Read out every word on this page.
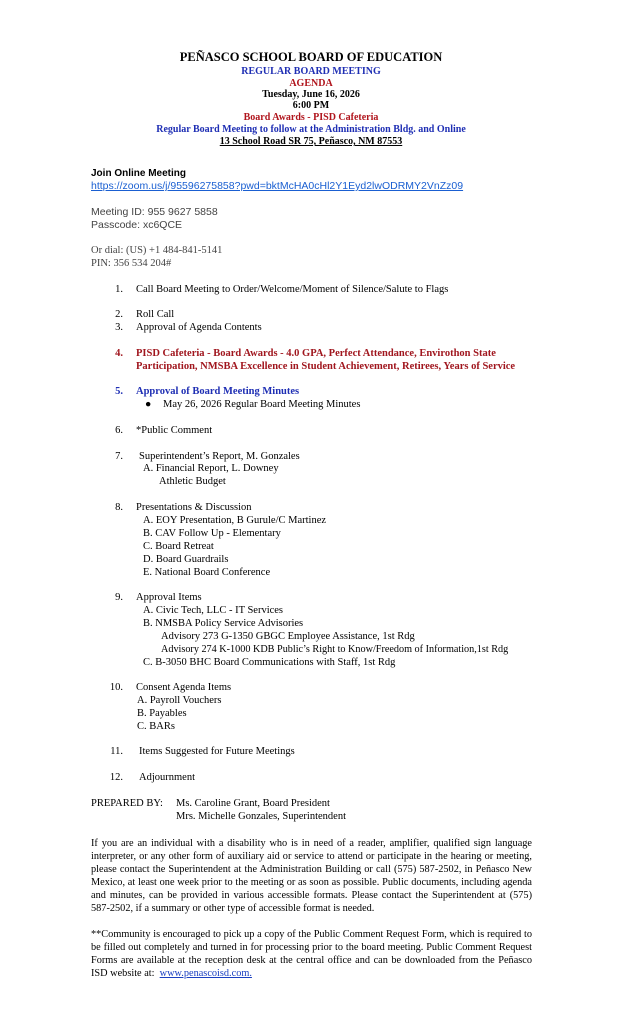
PEÑASCO SCHOOL BOARD OF EDUCATION
REGULAR BOARD MEETING
AGENDA
Tuesday, June 16, 2026
6:00 PM
Board Awards - PISD Cafeteria
Regular Board Meeting to follow at the Administration Bldg. and Online
13 School Road SR 75, Peñasco, NM 87553
Join Online Meeting
https://zoom.us/j/95596275858?pwd=bktMcHA0cHl2Y1Eyd2lwODRMY2VnZz09
Meeting ID: 955 9627 5858
Passcode: xc6QCE
Or dial: (US) +1 484-841-5141
PIN: 356 534 204#
1. Call Board Meeting to Order/Welcome/Moment of Silence/Salute to Flags
2. Roll Call
3. Approval of Agenda Contents
4. PISD Cafeteria - Board Awards - 4.0 GPA, Perfect Attendance, Envirothon State
Participation, NMSBA Excellence in Student Achievement, Retirees, Years of Service
5. Approval of Board Meeting Minutes
● May 26, 2026 Regular Board Meeting Minutes
6. *Public Comment
7. Superintendent’s Report, M. Gonzales
A. Financial Report, L. Downey
Athletic Budget
8. Presentations & Discussion
A. EOY Presentation, B Gurule/C Martinez
B. CAV Follow Up - Elementary
C. Board Retreat
D. Board Guardrails
E. National Board Conference
9. Approval Items
A. Civic Tech, LLC - IT Services
B. NMSBA Policy Service Advisories
Advisory 273 G-1350 GBGC Employee Assistance, 1st Rdg
Advisory 274 K-1000 KDB Public’s Right to Know/Freedom of Information,1st Rdg
C. B-3050 BHC Board Communications with Staff, 1st Rdg
10. Consent Agenda Items
A. Payroll Vouchers
B. Payables
C. BARs
11. Items Suggested for Future Meetings
12. Adjournment
PREPARED BY: Ms. Caroline Grant, Board President
Mrs. Michelle Gonzales, Superintendent
If you are an individual with a disability who is in need of a reader, amplifier, qualified sign language interpreter, or any other form of auxiliary aid or service to attend or participate in the hearing or meeting, please contact the Superintendent at the Administration Building or call (575) 587-2502, in Peñasco New Mexico, at least one week prior to the meeting or as soon as possible. Public documents, including agenda and minutes, can be provided in various accessible formats. Please contact the Superintendent at (575) 587-2502, if a summary or other type of accessible format is needed.
**Community is encouraged to pick up a copy of the Public Comment Request Form, which is required to be filled out completely and turned in for processing prior to the board meeting. Public Comment Request Forms are available at the reception desk at the central office and can be downloaded from the Peñasco ISD website at: www.penascoisd.com.
